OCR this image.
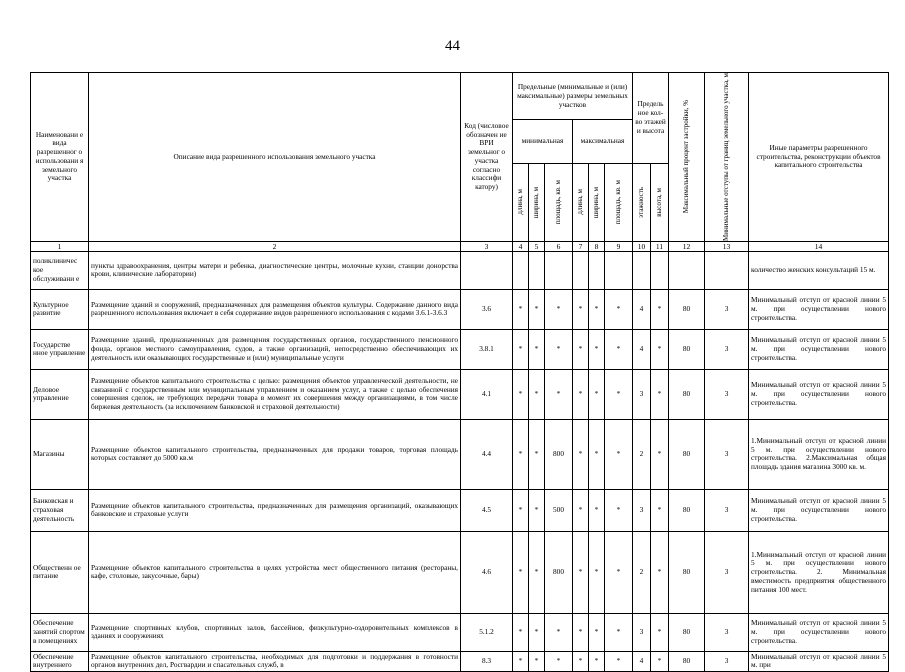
44
Наименовани е вида разрешенног о использовани я земельного участка	Описание вида разрешенного использования земельного участка	Код (числовое обозначен ие ВРИ земельног о участка согласно классифи катору)	Предельные (минимальные и (или) максимальные) размеры земельных участков						Предель ное кол- во этажей и высота		Максимальный процент застройки, %	Минимальные отступы от границ земельного участка, м	Иные параметры разрешенного строительства, реконструкции объектов капитального строительства
			минимальная			максимальная							

			длина, м	ширина, м	площадь, кв. м	длина, м	ширина, м	площадь, кв. м	этажность	высота, м			

1	2	3	4	5	6	7	8	9	10	11	12	13	14
поликлиничес кое обслуживани е	пункты здравоохранения, центры матери и ребенка, диагностические центры, молочные кухни, станции донорства крови, клинические лаборатории)												количество женских консультаций 15 м.
Культурное развитие	Размещение зданий и сооружений, предназначенных для размещения объектов культуры. Содержание данного вида разрешенного использования включает в себя содержание видов разрешенного использования с кодами 3.6.1-3.6.3	3.6	*	*	*	*	*	*	4	*	80	3	Минимальный отступ от красной линии 5 м. при осуществлении нового строительства.
Государстве нное управление	Размещение зданий, предназначенных для размещения государственных органов, государственного пенсионного фонда, органов местного самоуправления, судов, а также организаций, непосредственно обеспечивающих их деятельность или оказывающих государственные и (или) муниципальные услуги	3.8.1	*	*	*	*	*	*	4	*	80	3	Минимальный отступ от красной линии 5 м. при осуществлении нового строительства.
Деловое управление	Размещение объектов капитального строительства с целью: размещения объектов управленческой деятельности, не связанной с государственным или муниципальным управлением и оказанием услуг, а также с целью обеспечения совершения сделок, не требующих передачи товара в момент их совершения между организациями, в том числе биржевая деятельность (за исключением банковской и страховой деятельности)	4.1	*	*	*	*	*	*	3	*	80	3	Минимальный отступ от красной линии 5 м. при осуществлении нового строительства.
Магазины	Размещение объектов капитального строительства, предназначенных для продажи товаров, торговая площадь которых составляет до 5000 кв.м	4.4	*	*	800	*	*	*	2	*	80	3	1.Минимальный отступ от красной линии 5 м. при осуществлении нового строительства. 2.Максимальная общая площадь здания магазина 3000 кв. м.
Банковская и страховая деятельность	Размещение объектов капитального строительства, предназначенных для размещения организаций, оказывающих банковские и страховые услуги	4.5	*	*	500	*	*	*	3	*	80	3	Минимальный отступ от красной линии 5 м. при осуществлении нового строительства.
Общественн ое питание	Размещение объектов капитального строительства в целях устройства мест общественного питания (рестораны, кафе, столовые, закусочные, бары)	4.6	*	*	800	*	*	*	2	*	80	3	1.Минимальный отступ от красной линии 5 м. при осуществлении нового строительства. 2. Минимальная вместимость предприятия общественного питания 100 мест.
Обеспечение занятий спортом в помещениях	Размещение спортивных клубов, спортивных залов, бассейнов, физкультурно-оздоровительных комплексов в зданиях и сооружениях	5.1.2	*	*	*	*	*	*	3	*	80	3	Минимальный отступ от красной линии 5 м. при осуществлении нового строительства.
Обеспечение внутреннего	Размещение объектов капитального строительства, необходимых для подготовки и поддержания в готовности органов внутренних дел, Росгвардии и спасательных служб, в	8.3	*	*	*	*	*	*	4	*	80	3	Минимальный отступ от красной линии 5 м. при
